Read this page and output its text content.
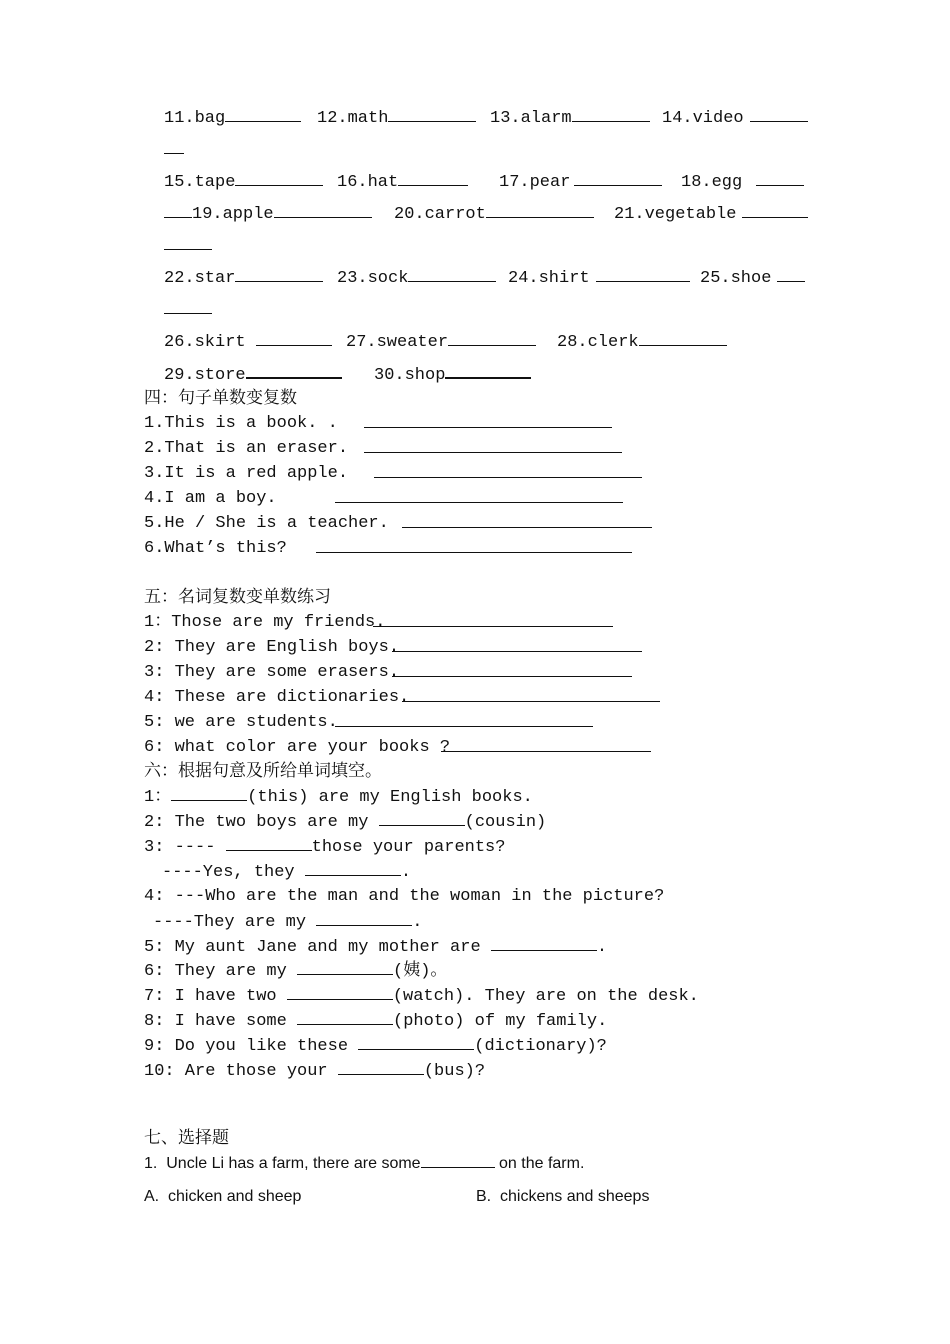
11.bag	12.math	13.alarm	14.video
15.tape	16.hat	17.pear	18.egg
19.apple	20.carrot	21.vegetable
22.star	23.sock	24.shirt	25.shoe
26.skirt	27.sweater	28.clerk
29.store	30.shop
四：句子单数变复数
1.This is a book. .
2.That is an eraser.
3.It is a red apple.
4.I am a boy.
5.He / She is a teacher.
6.What’s this?
五：名词复数变单数练习
1：Those are my friends.
2: They are English boys.
3: They are some erasers.
4: These are dictionaries.
5: we are students.
6: what color are your books ?
六：根据句意及所给单词填空。
1：	(this) are my English books.
2: The two boys are my	(cousin)
3: ----	those your parents?
----Yes, they	.
4: ---Who are the man and the woman in the picture?
----They are my	.
5: My aunt Jane and my mother are	.
6: They are my	(姨)。
7: I have two	(watch). They are on the desk.
8: I have some	(photo) of my family.
9: Do you like these	(dictionary)?
10: Are those your	(bus)?
七、选择题
1.  Uncle Li has a farm, there are some	on the farm.
A.  chicken and sheep	B.  chickens and sheeps
